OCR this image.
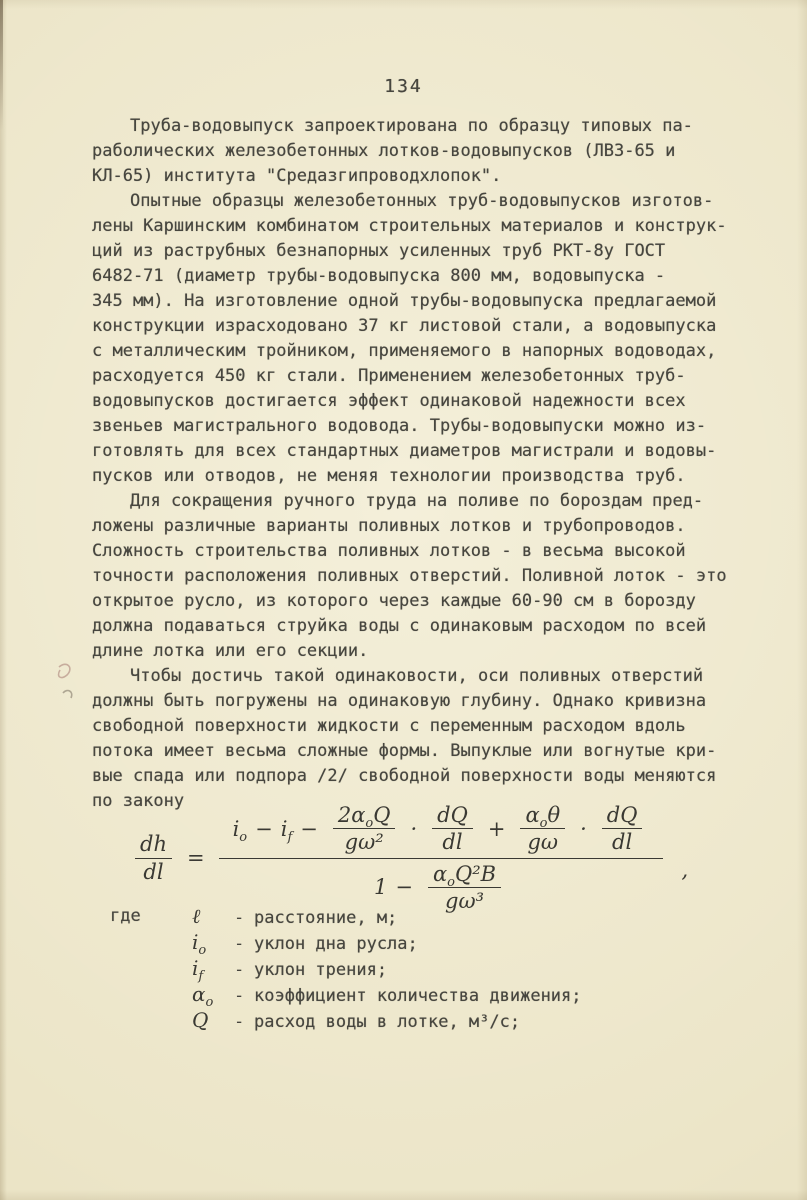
134
Труба-водовыпуск запроектирована по образцу типовых па-
раболических железобетонных лотков-водовыпусков (ЛВЗ-65 и
КЛ-65) института "Средазгипроводхлопок".
Опытные образцы железобетонных труб-водовыпусков изготов-
лены Каршинским комбинатом строительных материалов и конструк-
ций из раструбных безнапорных усиленных труб РКТ-8у ГОСТ
6482-71 (диаметр трубы-водовыпуска 800 мм, водовыпуска -
345 мм). На изготовление одной трубы-водовыпуска предлагаемой
конструкции израсходовано 37 кг листовой стали, а водовыпуска
с металлическим тройником, применяемого в напорных водоводах,
расходуется 450 кг стали. Применением железобетонных труб-
водовыпусков достигается эффект одинаковой надежности всех
звеньев магистрального водовода. Трубы-водовыпуски можно из-
готовлять для всех стандартных диаметров магистрали и водовы-
пусков или отводов, не меняя технологии производства труб.
Для сокращения ручного труда на поливе по бороздам пред-
ложены различные варианты поливных лотков и трубопроводов.
Сложность строительства поливных лотков - в весьма высокой
точности расположения поливных отверстий. Поливной лоток - это
открытое русло, из которого через каждые 60-90 см в борозду
должна подаваться струйка воды с одинаковым расходом по всей
длине лотка или его секции.
Чтобы достичь такой одинаковости, оси поливных отверстий
должны быть погружены на одинаковую глубину. Однако кривизна
свободной поверхности жидкости с переменным расходом вдоль
потока имеет весьма сложные формы. Выпуклые или вогнутые кри-
вые спада или подпора /2/ свободной поверхности воды меняются
по закону
$\frac{dh}{dl}$ =
$i_o - i_f - \frac{2\alpha_oQ}{\text{gω²}} \cdot \frac{dQ}{dl} + \frac{\alpha_o\theta}{g\omega} \cdot \frac{dQ}{dl}$
$1 - \frac{\alpha_oQ^2B}{\text{gω³}}$	,
где	ℓ	- расстояние, м;
$i_o$	- уклон дна русла;
$i_f$	- уклон трения;
$\alpha_o$	- коэффициент количества движения;
Q	- расход воды в лотке, м³/с;
